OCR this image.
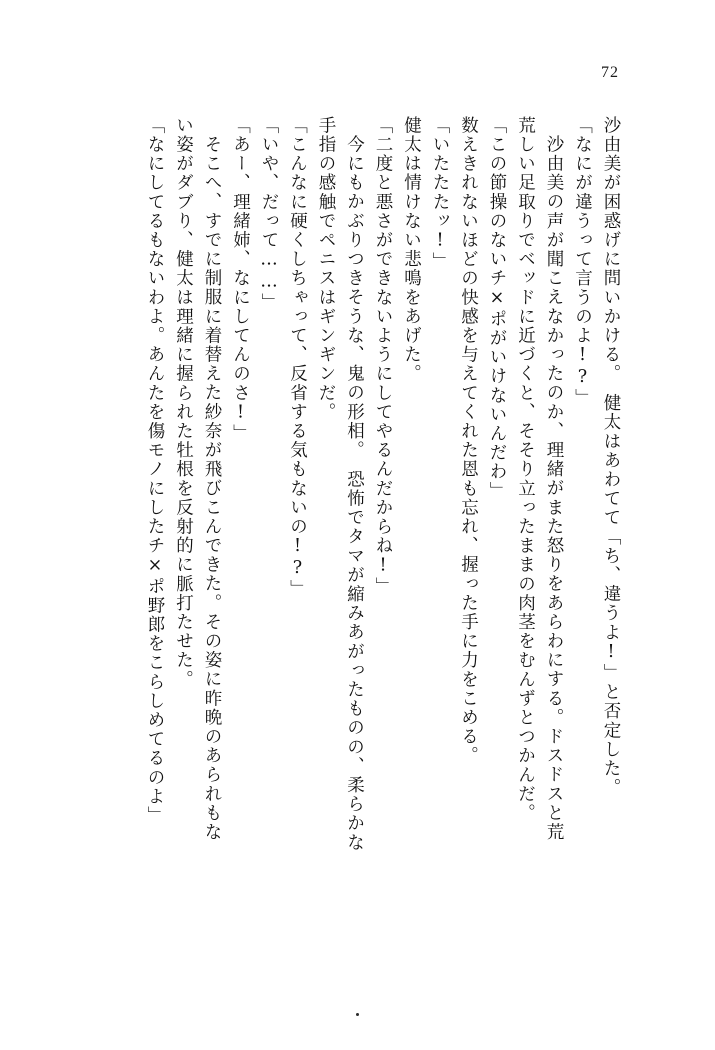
72
沙由美が困惑げに問いかける。　健太はあわてて「ち、違うよ!」と否定した。
「なにが違うって言うのよ!?」
沙由美の声が聞こえなかったのか、理緒がまた怒りをあらわにする。ドスドスと荒
荒しい足取りでベッドに近づくと、そそり立ったままの肉茎をむんずとつかんだ。
「この節操のないチ×ポがいけないんだわ」
数えきれないほどの快感を与えてくれた恩も忘れ、握った手に力をこめる。
「いたたたッ!」
健太は情けない悲鳴をあげた。
「二度と悪さができないようにしてやるんだからね!」
今にもかぶりつきそうな、鬼の形相。　恐怖でタマが縮みあがったものの、柔らかな
手指の感触でペニスはギンギンだ。
「こんなに硬くしちゃって、反省する気もないの!?」
「いや、だって……」
「あー、理緒姉、なにしてんのさ!」
そこへ、すでに制服に着替えた紗奈が飛びこんできた。その姿に昨晩のあられもな
い姿がダブり、健太は理緒に握られた牡根を反射的に脈打たせた。
「なにしてるもないわよ。あんたを傷モノにしたチ×ポ野郎をこらしめてるのよ」
